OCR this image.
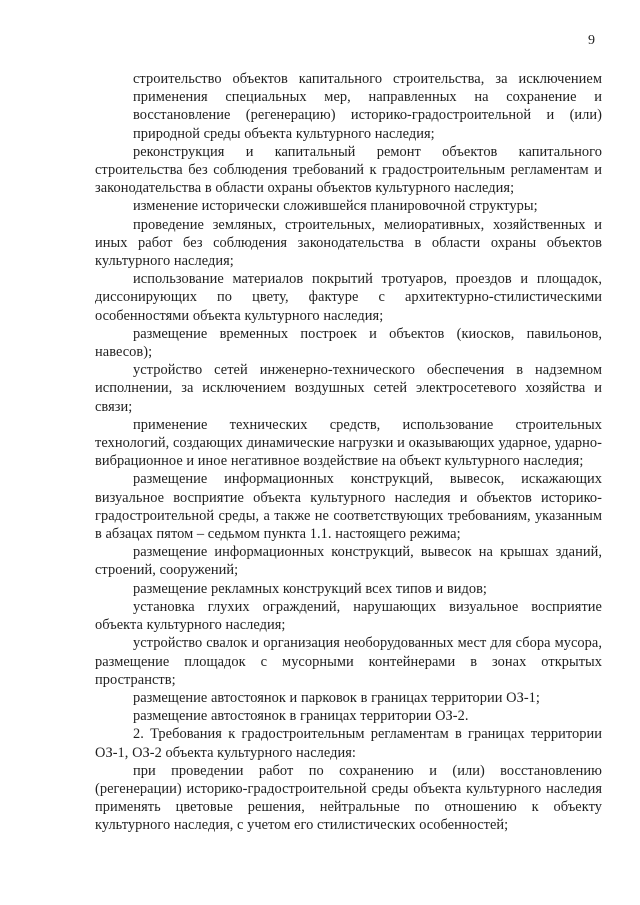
9

строительство объектов капитального строительства, за исключением применения специальных мер, направленных на сохранение и восстановление (регенерацию) историко-градостроительной и (или) природной среды объекта культурного наследия;

реконструкция и капитальный ремонт объектов капитального строительства без соблюдения требований к градостроительным регламентам и законодательства в области охраны объектов культурного наследия;

изменение исторически сложившейся планировочной структуры;

проведение земляных, строительных, мелиоративных, хозяйственных и иных работ без соблюдения законодательства в области охраны объектов культурного наследия;

использование материалов покрытий тротуаров, проездов и площадок, диссонирующих по цвету, фактуре с архитектурно-стилистическими особенностями объекта культурного наследия;

размещение временных построек и объектов (киосков, павильонов, навесов);

устройство сетей инженерно-технического обеспечения в надземном исполнении, за исключением воздушных сетей электросетевого хозяйства и связи;

применение технических средств, использование строительных технологий, создающих динамические нагрузки и оказывающих ударное, ударно-вибрационное и иное негативное воздействие на объект культурного наследия;

размещение информационных конструкций, вывесок, искажающих визуальное восприятие объекта культурного наследия и объектов историко-градостроительной среды, а также не соответствующих требованиям, указанным в абзацах пятом – седьмом пункта 1.1. настоящего режима;

размещение информационных конструкций, вывесок на крышах зданий, строений, сооружений;

размещение рекламных конструкций всех типов и видов;

установка глухих ограждений, нарушающих визуальное восприятие объекта культурного наследия;

устройство свалок и организация необорудованных мест для сбора мусора, размещение площадок с мусорными контейнерами в зонах открытых пространств;

размещение автостоянок и парковок в границах территории ОЗ-1;

размещение автостоянок в границах территории ОЗ-2.

2. Требования к градостроительным регламентам в границах территории ОЗ-1, ОЗ-2 объекта культурного наследия:

при проведении работ по сохранению и (или) восстановлению (регенерации) историко-градостроительной среды объекта культурного наследия применять цветовые решения, нейтральные по отношению к объекту культурного наследия, с учетом его стилистических особенностей;
